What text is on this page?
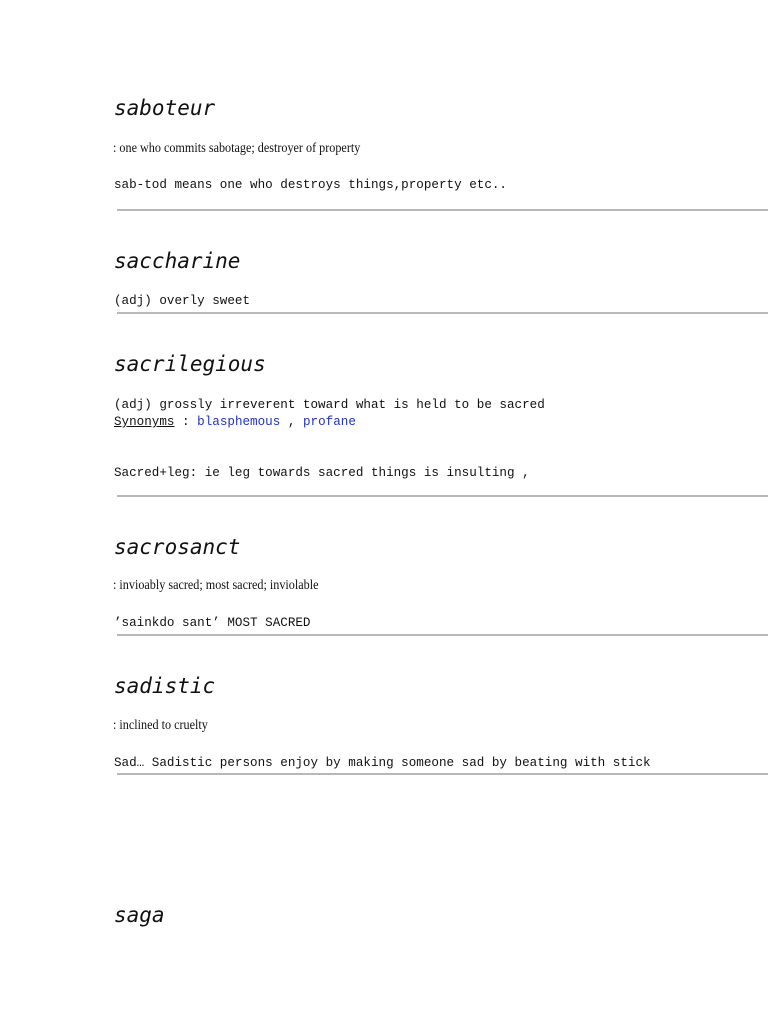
saboteur

: one who commits sabotage; destroyer of property

sab-tod means one who destroys things,property etc..

saccharine

(adj) overly sweet

sacrilegious

(adj) grossly irreverent toward what is held to be sacred

Synonyms : blasphemous , profane

Sacred+leg: ie leg towards sacred things is insulting ,

sacrosanct

: invioably sacred; most sacred; inviolable

’sainkdo sant’ MOST SACRED

sadistic

: inclined to cruelty

Sad… Sadistic persons enjoy by making someone sad by beating with stick

saga
